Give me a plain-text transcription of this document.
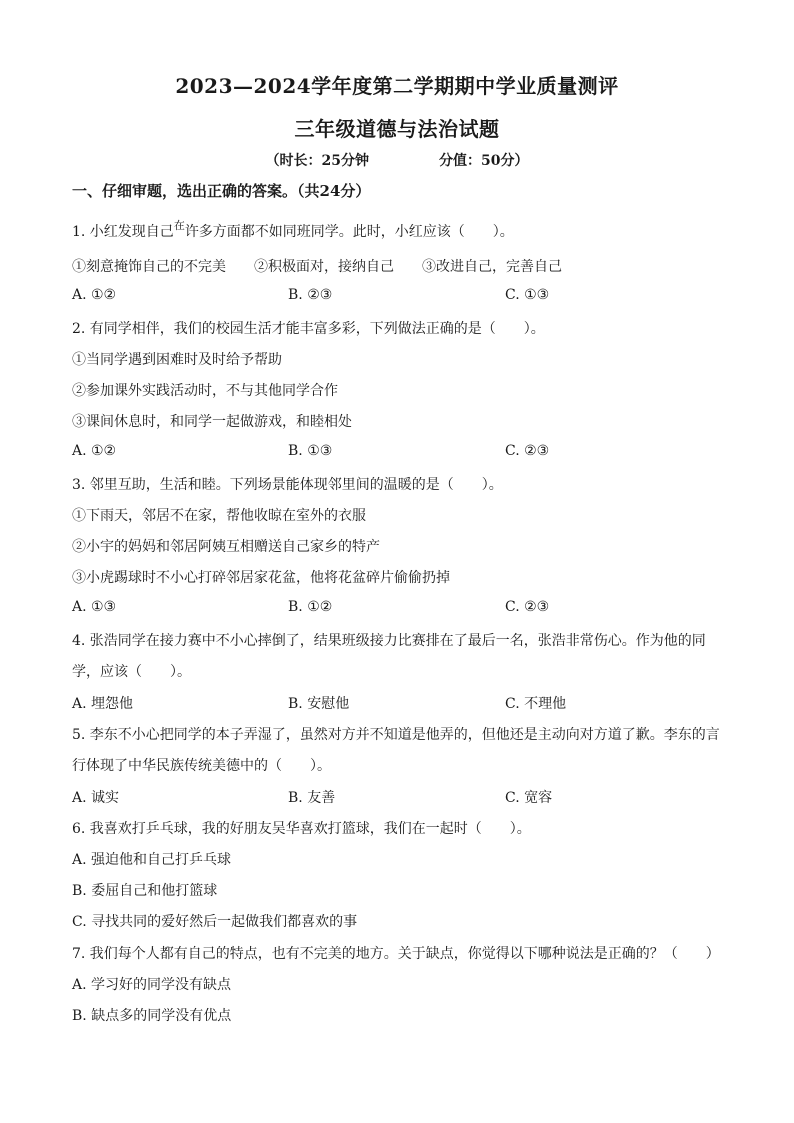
2023—2024学年度第二学期期中学业质量测评
三年级道德与法治试题
（时长：25分钟	分值：50分）
一、仔细审题，选出正确的答案。（共24分）
1. 小红发现自己$^在$许多方面都不如同班同学。此时，小红应该（　　）。
①刻意掩饰自己的不完美　　②积极面对，接纳自己　　③改进自己，完善自己
A. ①②	B. ②③	C. ①③
2. 有同学相伴，我们的校园生活才能丰富多彩，下列做法正确的是（　　）。
①当同学遇到困难时及时给予帮助
②参加课外实践活动时，不与其他同学合作
③课间休息时，和同学一起做游戏，和睦相处
A. ①②	B. ①③	C. ②③
3. 邻里互助，生活和睦。下列场景能体现邻里间的温暖的是（　　）。
①下雨天，邻居不在家，帮他收晾在室外的衣服
②小宇的妈妈和邻居阿姨互相赠送自己家乡的特产
③小虎踢球时不小心打碎邻居家花盆，他将花盆碎片偷偷扔掉
A. ①③	B. ①②	C. ②③
4. 张浩同学在接力赛中不小心摔倒了，结果班级接力比赛排在了最后一名，张浩非常伤心。作为他的同
学，应该（　　）。
A. 埋怨他	B. 安慰他	C. 不理他
5. 李东不小心把同学的本子弄湿了，虽然对方并不知道是他弄的，但他还是主动向对方道了歉。李东的言
行体现了中华民族传统美德中的（　　）。
A. 诚实	B. 友善	C. 宽容
6. 我喜欢打乒乓球，我的好朋友吴华喜欢打篮球，我们在一起时（　　）。
A. 强迫他和自己打乒乓球
B. 委屈自己和他打篮球
C. 寻找共同的爱好然后一起做我们都喜欢的事
7. 我们每个人都有自己的特点，也有不完美的地方。关于缺点，你觉得以下哪种说法是正确的？（　　）
A. 学习好的同学没有缺点
B. 缺点多的同学没有优点
